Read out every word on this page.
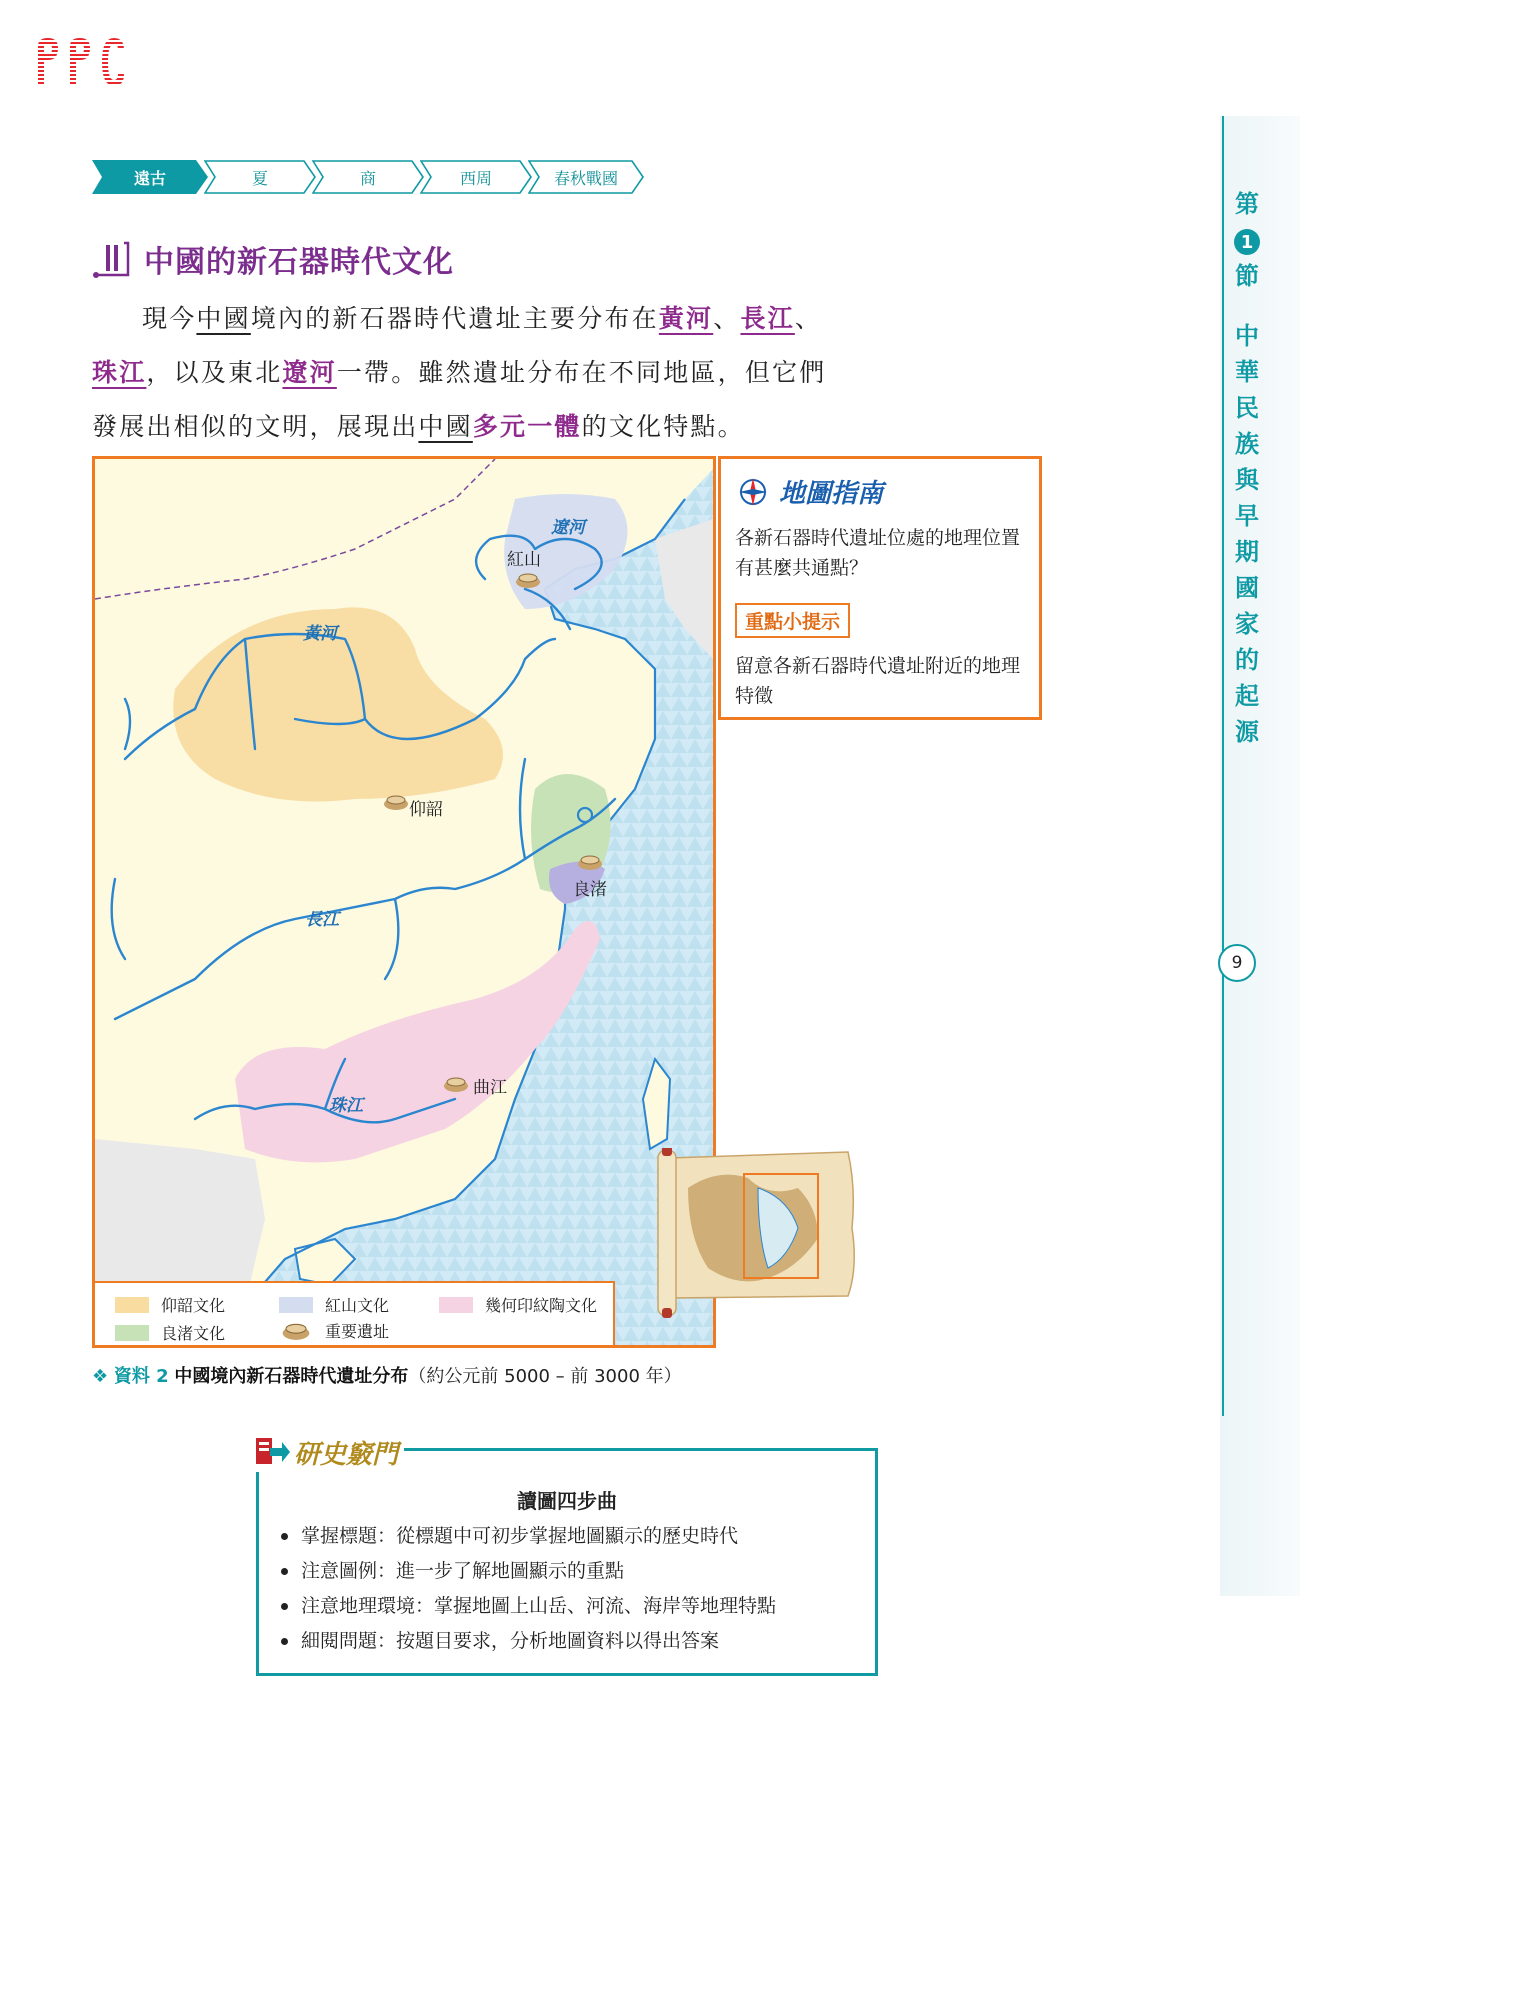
遠古	夏	商	西周	春秋戰國
中國的新石器時代文化
現今中國境內的新石器時代遺址主要分布在黃河、長江、
珠江，以及東北遼河一帶。雖然遺址分布在不同地區，但它們
發展出相似的文明，展現出中國多元一體的文化特點。
遼河
黃河
長江
珠江
紅山
仰韶
良渚
曲江
仰韶文化	紅山文化	幾何印紋陶文化
良渚文化	重要遺址
地圖指南
各新石器時代遺址位處的地理位置有甚麼共通點？
重點小提示
留意各新石器時代遺址附近的地理特徵
❖ 資料 2 中國境內新石器時代遺址分布（約公元前 5000 – 前 3000 年）
讀圖四步曲
掌握標題：從標題中可初步掌握地圖顯示的歷史時代
注意圖例：進一步了解地圖顯示的重點
注意地理環境：掌握地圖上山岳、河流、海岸等地理特點
細閱問題：按題目要求，分析地圖資料以得出答案
研史竅門
第
1
節
中
華
民
族
與
早
期
國
家
的
起
源
9
